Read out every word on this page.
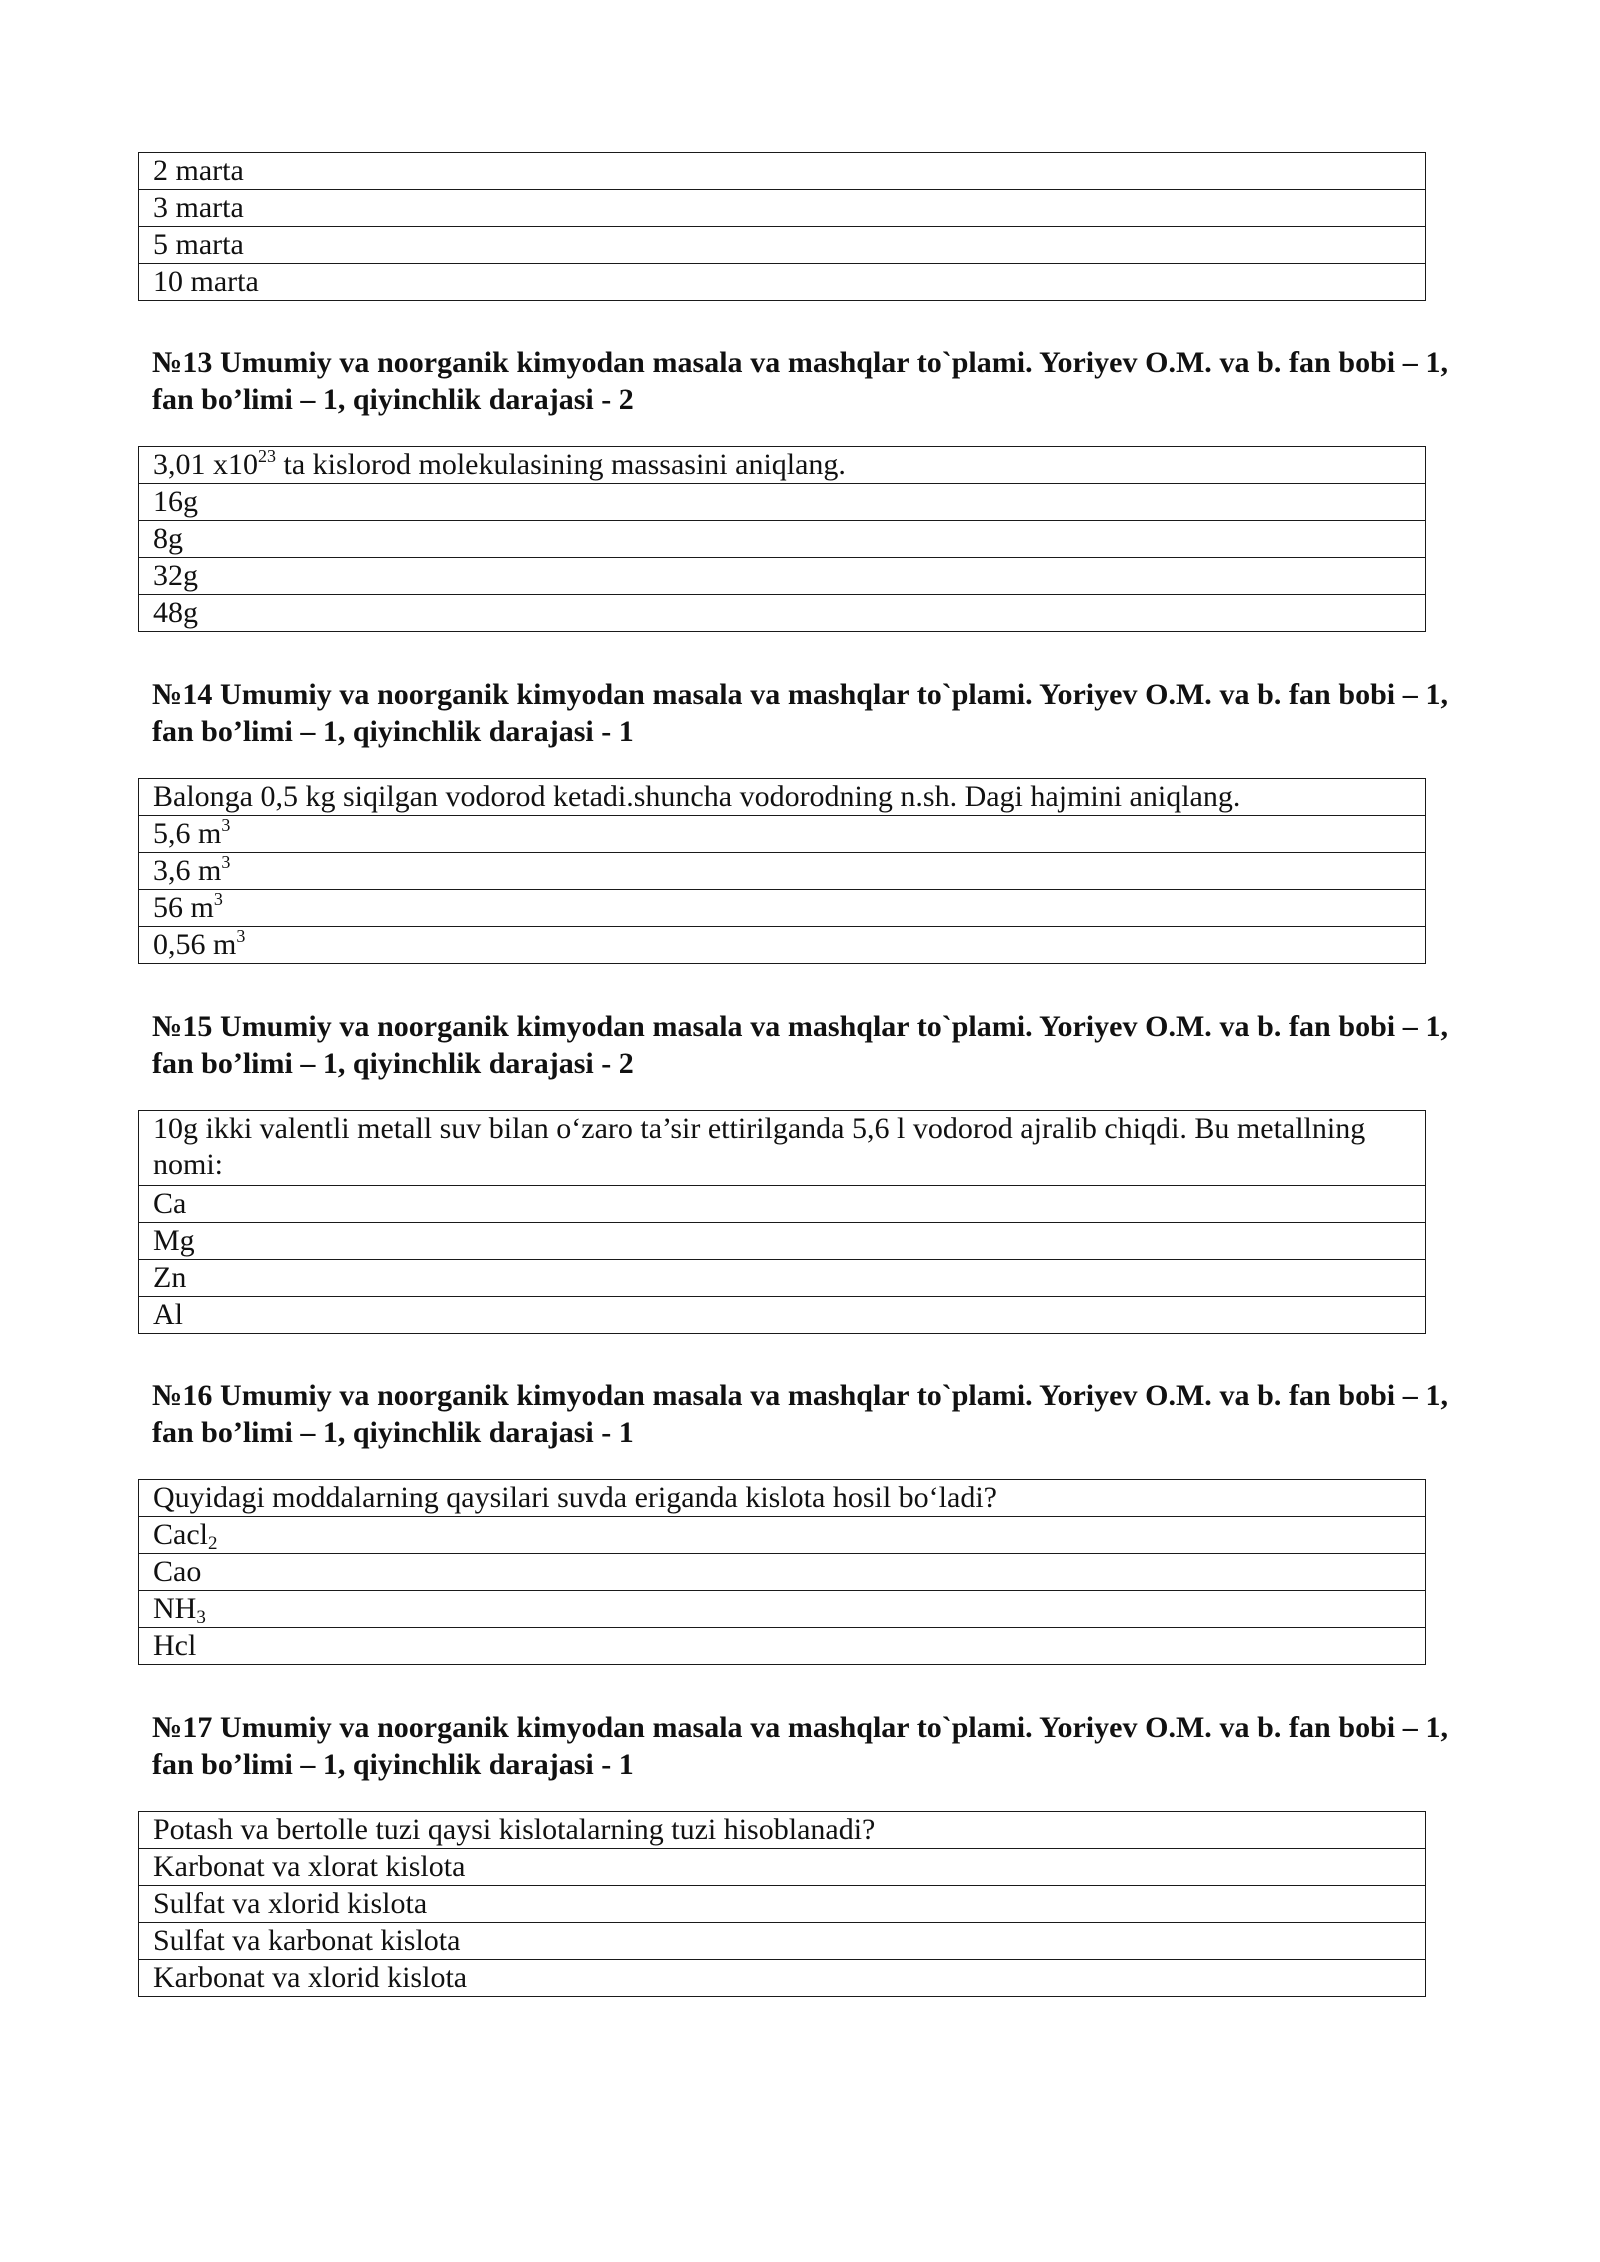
2 marta
3 marta
5 marta
10 marta

№13 Umumiy va noorganik kimyodan masala va mashqlar to`plami. Yoriyev O.M. va b. fan bobi – 1, fan bo’limi – 1, qiyinchlik darajasi - 2

3,01 $x10^{23}$ ta kislorod molekulasining massasini aniqlang.
16g
8g
32g
48g

№14 Umumiy va noorganik kimyodan masala va mashqlar to`plami. Yoriyev O.M. va b. fan bobi – 1, fan bo’limi – 1, qiyinchlik darajasi - 1

Balonga 0,5 kg siqilgan vodorod ketadi.shuncha vodorodning n.sh. Dagi hajmini aniqlang.
5,6 $m^3$
3,6 $m^3$
56 $m^3$
0,56 $m^3$

№15 Umumiy va noorganik kimyodan masala va mashqlar to`plami. Yoriyev O.M. va b. fan bobi – 1, fan bo’limi – 1, qiyinchlik darajasi - 2

10g ikki valentli metall suv bilan o‘zaro ta’sir ettirilganda 5,6 l vodorod ajralib chiqdi. Bu metallning nomi:
Ca
Mg
Zn
Al

№16 Umumiy va noorganik kimyodan masala va mashqlar to`plami. Yoriyev O.M. va b. fan bobi – 1, fan bo’limi – 1, qiyinchlik darajasi - 1

Quyidagi moddalarning qaysilari suvda eriganda kislota hosil bo‘ladi?
Cacl$_2$
Cao
$NH_3$
Hcl

№17 Umumiy va noorganik kimyodan masala va mashqlar to`plami. Yoriyev O.M. va b. fan bobi – 1, fan bo’limi – 1, qiyinchlik darajasi - 1

Potash va bertolle tuzi qaysi kislotalarning tuzi hisoblanadi?
Karbonat va xlorat kislota
Sulfat va xlorid kislota
Sulfat va karbonat kislota
Karbonat va xlorid kislota
